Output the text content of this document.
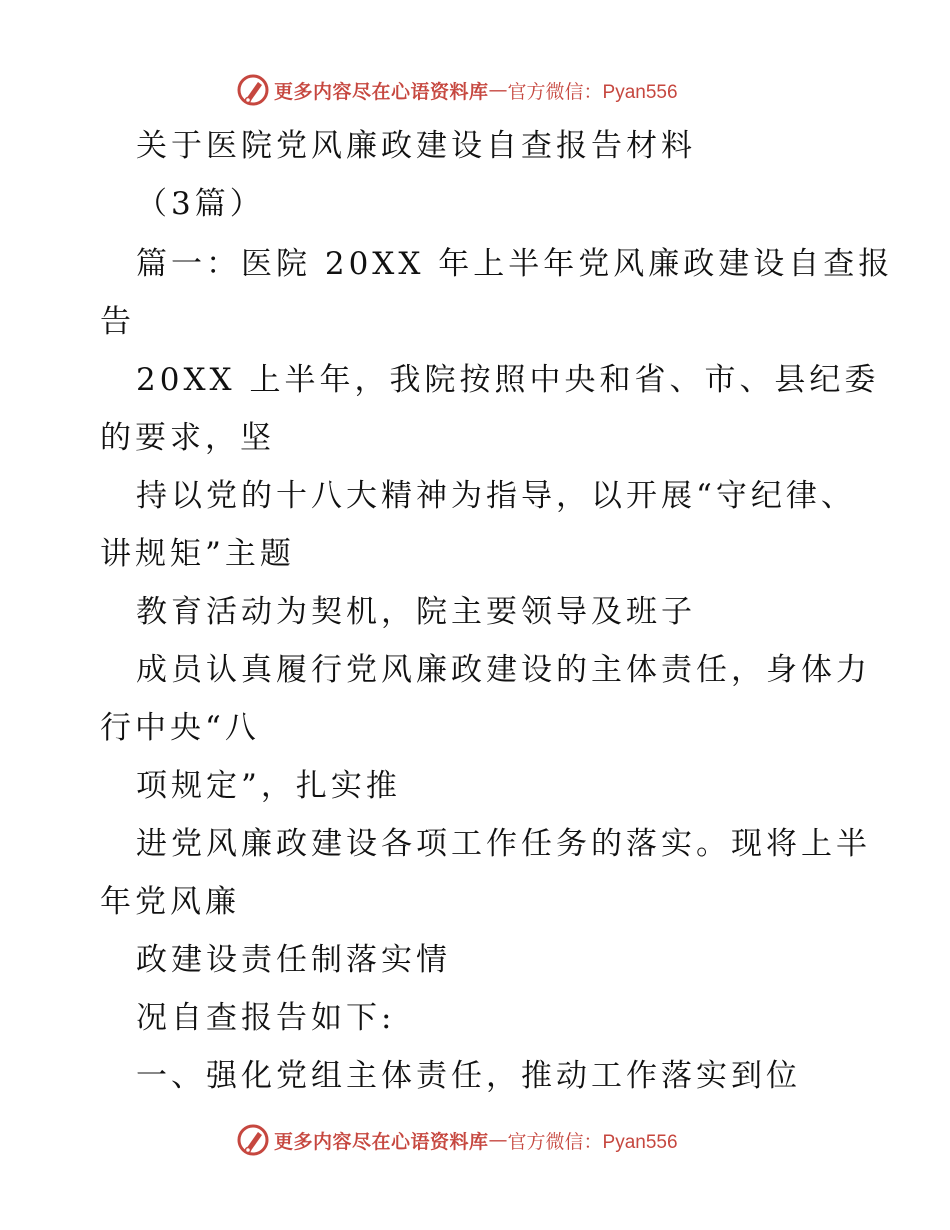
更多内容尽在心语资料库 — 官方微信：Pyan556
关于医院党风廉政建设自查报告材料
（3篇）
篇一：医院 20XX 年上半年党风廉政建设自查报
告
20XX 上半年，我院按照中央和省、市、县纪委
的要求，坚
持以党的十八大精神为指导，以开展“守纪律、
讲规矩”主题
教育活动为契机，院主要领导及班子
成员认真履行党风廉政建设的主体责任，身体力
行中央“八
项规定”，扎实推
进党风廉政建设各项工作任务的落实。现将上半
年党风廉
政建设责任制落实情
况自查报告如下:
一、强化党组主体责任，推动工作落实到位
更多内容尽在心语资料库 — 官方微信：Pyan556
